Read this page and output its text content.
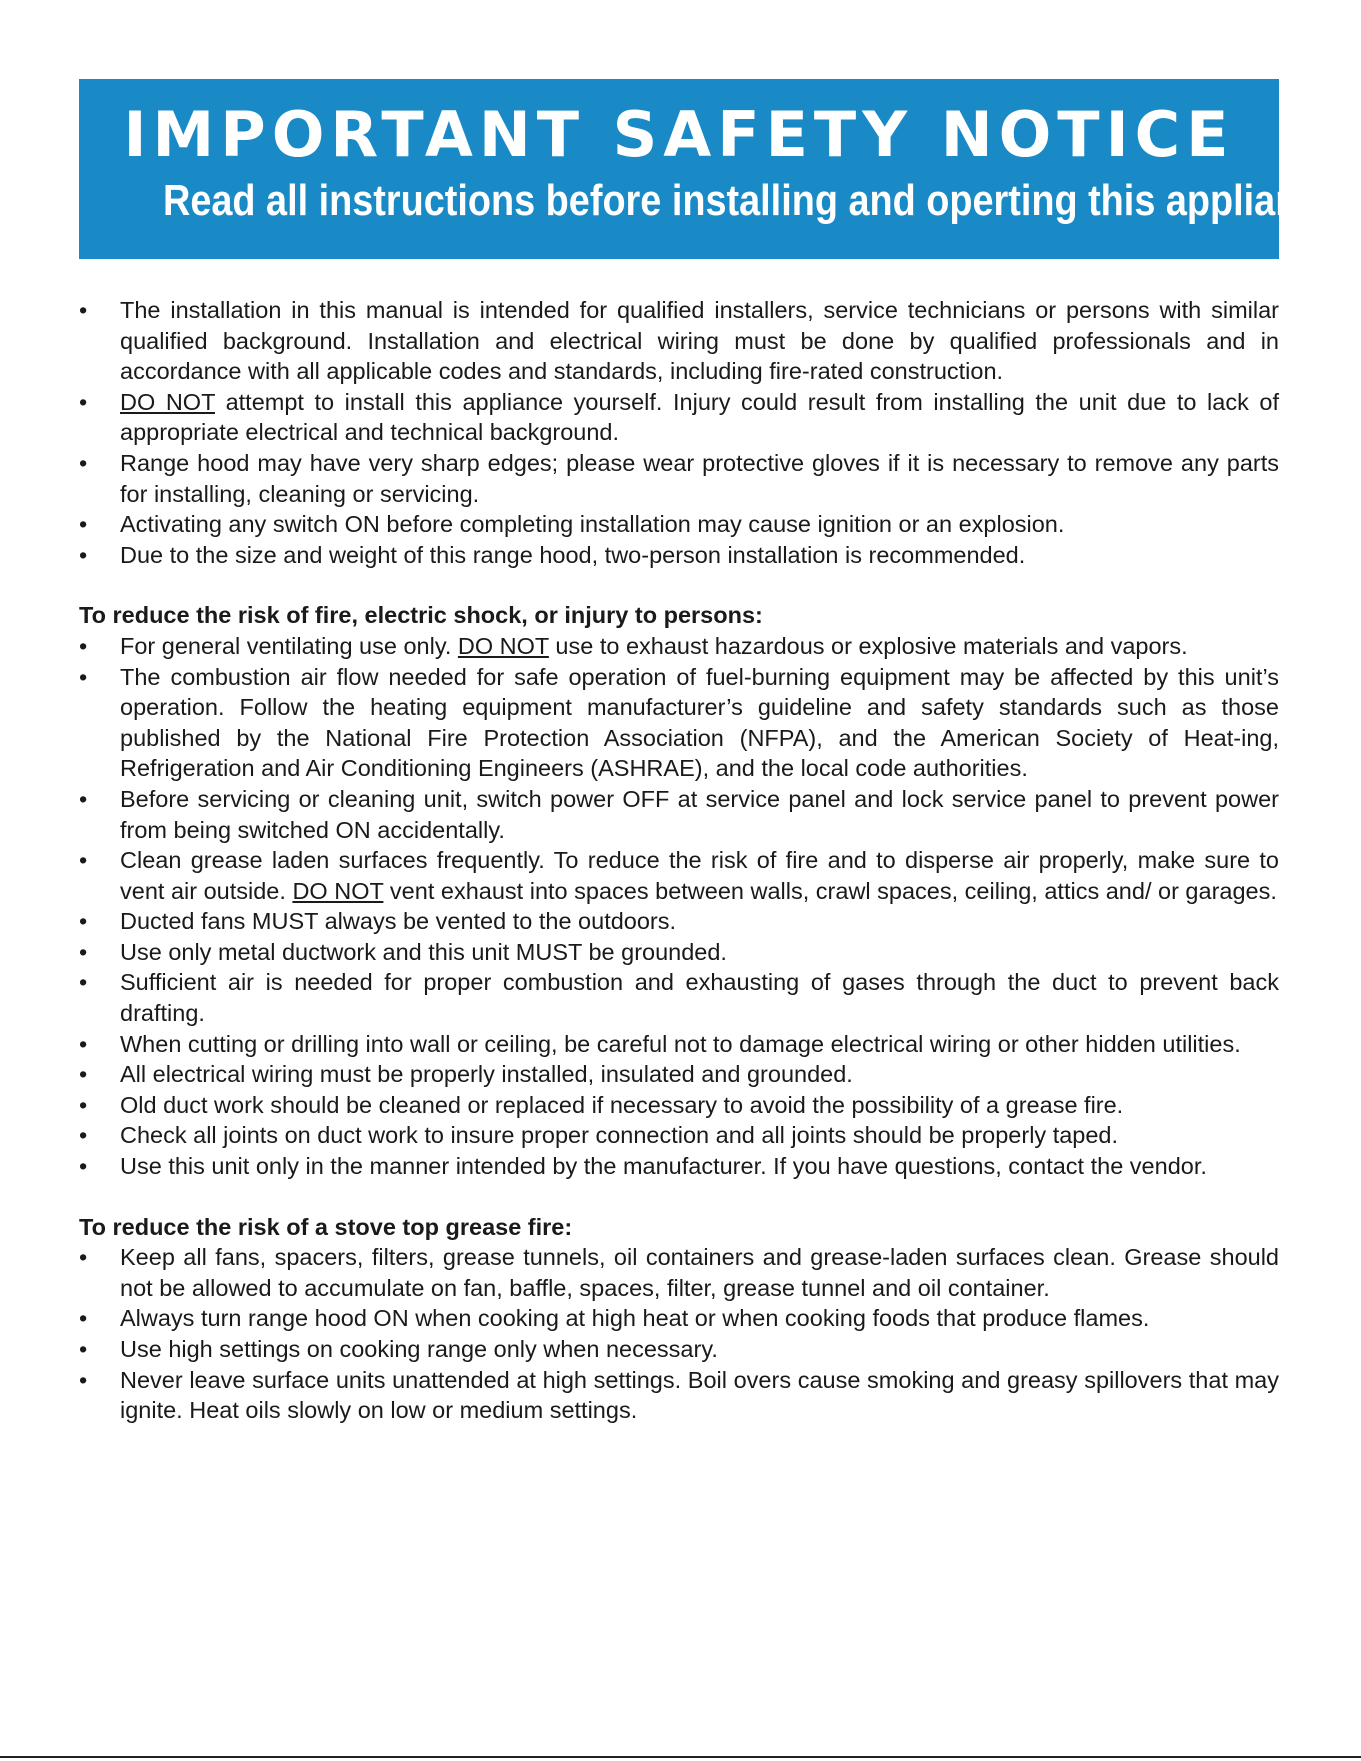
IMPORTANT SAFETY NOTICE

Read all instructions before installing and operting this appliance

• The installation in this manual is intended for qualified installers, service technicians or persons with similar qualified background. Installation and electrical wiring must be done by qualified professionals and in accordance with all applicable codes and standards, including fire-rated construction.
• DO NOT attempt to install this appliance yourself. Injury could result from installing the unit due to lack of appropriate electrical and technical background.
• Range hood may have very sharp edges; please wear protective gloves if it is necessary to remove any parts for installing, cleaning or servicing.
• Activating any switch ON before completing installation may cause ignition or an explosion.
• Due to the size and weight of this range hood, two-person installation is recommended.
To reduce the risk of fire, electric shock, or injury to persons:
• For general ventilating use only. DO NOT use to exhaust hazardous or explosive materials and vapors.
• The combustion air flow needed for safe operation of fuel-burning equipment may be affected by this unit’s operation. Follow the heating equipment manufacturer’s guideline and safety standards such as those published by the National Fire Protection Association (NFPA), and the American Society of Heat-ing, Refrigeration and Air Conditioning Engineers (ASHRAE), and the local code authorities.
• Before servicing or cleaning unit, switch power OFF at service panel and lock service panel to prevent power from being switched ON accidentally.
• Clean grease laden surfaces frequently. To reduce the risk of fire and to disperse air properly, make sure to vent air outside. DO NOT vent exhaust into spaces between walls, crawl spaces, ceiling, attics and/ or garages.
• Ducted fans MUST always be vented to the outdoors.
• Use only metal ductwork and this unit MUST be grounded.
• Sufficient air is needed for proper combustion and exhausting of gases through the duct to prevent back drafting.
• When cutting or drilling into wall or ceiling, be careful not to damage electrical wiring or other hidden utilities.
• All electrical wiring must be properly installed, insulated and grounded.
• Old duct work should be cleaned or replaced if necessary to avoid the possibility of a grease fire.
• Check all joints on duct work to insure proper connection and all joints should be properly taped.
• Use this unit only in the manner intended by the manufacturer. If you have questions, contact the vendor.
To reduce the risk of a stove top grease fire:
• Keep all fans, spacers, filters, grease tunnels, oil containers and grease-laden surfaces clean. Grease should not be allowed to accumulate on fan, baffle, spaces, filter, grease tunnel and oil container.
• Always turn range hood ON when cooking at high heat or when cooking foods that produce flames.
• Use high settings on cooking range only when necessary.
• Never leave surface units unattended at high settings. Boil overs cause smoking and greasy spillovers that may ignite. Heat oils slowly on low or medium settings.
